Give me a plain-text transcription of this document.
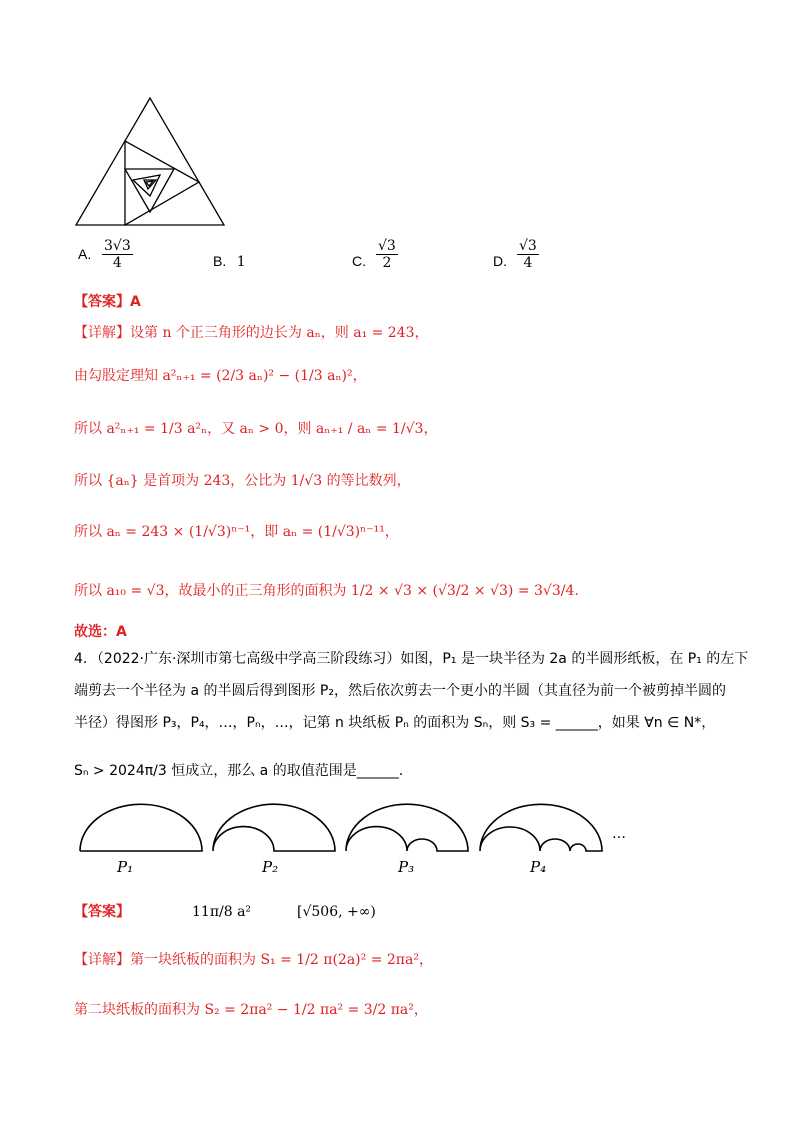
A. $\frac{3√3}{4}$	B. 1	C. $\frac{√3}{2}$	D. $\frac{√3}{4}$
【答案】A
【详解】设第 n 个正三角形的边长为 aₙ，则 a₁ = 243，
由勾股定理知 a²ₙ₊₁ = (2/3 aₙ)² − (1/3 aₙ)²，
所以 a²ₙ₊₁ = 1/3 a²ₙ，又 aₙ > 0，则 aₙ₊₁ / aₙ = 1/√3，
所以 {aₙ} 是首项为 243，公比为 1/√3 的等比数列，
所以 aₙ = 243 × (1/√3)ⁿ⁻¹，即 aₙ = (1/√3)ⁿ⁻¹¹，
所以 a₁₀ = √3，故最小的正三角形的面积为 1/2 × √3 × (√3/2 × √3) = 3√3/4.
故选：A
4．（2022·广东·深圳市第七高级中学高三阶段练习）如图，P₁ 是一块半径为 2a 的半圆形纸板，在 P₁ 的左下
端剪去一个半径为 a 的半圆后得到图形 P₂，然后依次剪去一个更小的半圆（其直径为前一个被剪掉半圆的
半径）得图形 P₃，P₄，…，Pₙ，…，记第 n 块纸板 Pₙ 的面积为 Sₙ，则 S₃ = ______，如果 ∀n ∈ N*，
Sₙ > 2024π/3 恒成立，那么 a 的取值范围是______.
P₁	P₂	P₃	P₄
…
【答案】	11π/8 a²	[√506, +∞)
【详解】第一块纸板的面积为 S₁ = 1/2 π(2a)² = 2πa²，
第二块纸板的面积为 S₂ = 2πa² − 1/2 πa² = 3/2 πa²，
